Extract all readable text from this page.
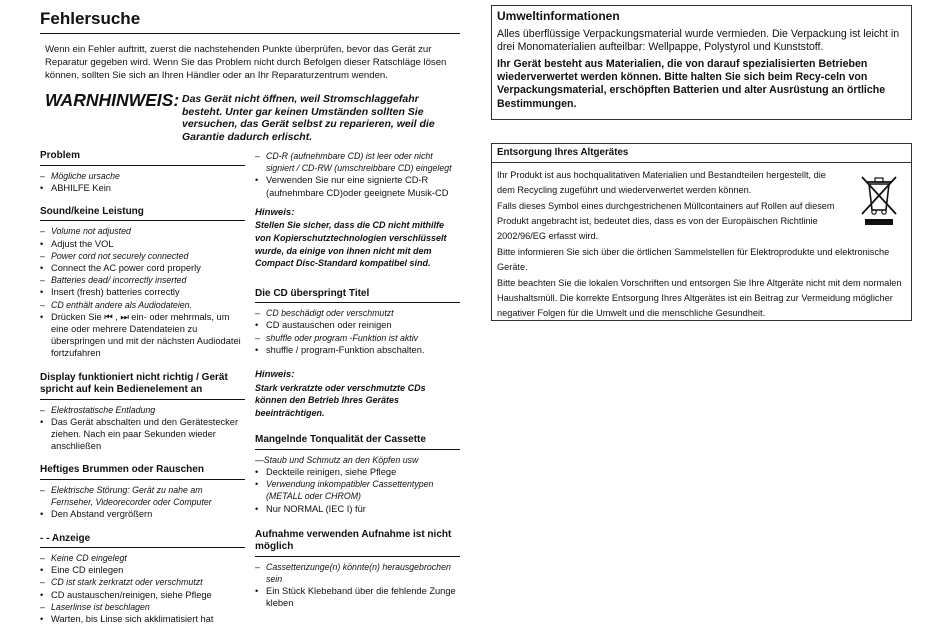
Fehlersuche
Wenn ein Fehler auftritt, zuerst die nachstehenden Punkte überprüfen, bevor das Gerät zur Reparatur gegeben wird. Wenn Sie das Problem nicht durch Befolgen dieser Ratschläge lösen können, sollten Sie sich an Ihren Händler oder an Ihr Reparaturzentrum wenden.
WARNHINWEIS: Das Gerät nicht öffnen, weil Stromschlaggefahr besteht. Unter gar keinen Umständen sollten Sie versuchen, das Gerät selbst zu reparieren, weil die Garantie dadurch erlischt.
Problem
– Mögliche ursache
• ABHILFE Kein
Sound/keine Leistung
– Volume not adjusted
• Adjust the VOL
– Power cord not securely connected
• Connect the AC power cord properly
– Batteries dead/ incorrectly inserted
• Insert (fresh) batteries correctly
– CD enthält andere als Audiodateien.
• Drücken Sie ⏮ , ⏭ ein- oder mehrmals, um eine oder mehrere Datendateien zu überspringen und mit der nächsten Audiodatei fortzufahren
Display funktioniert nicht richtig / Gerät spricht auf kein Bedienelement an
– Elektrostatische Entladung
• Das Gerät abschalten und den Gerätestecker ziehen. Nach ein paar Sekunden wieder anschließen
Heftiges Brummen oder Rauschen
– Elektrische Störung: Gerät zu nahe am Fernseher, Videorecorder oder Computer
• Den Abstand vergrößern
- - Anzeige
– Keine CD eingelegt
• Eine CD einlegen
– CD ist stark zerkratzt oder verschmutzt
• CD austauschen/reinigen, siehe Pflege
– Laserlinse ist beschlagen
• Warten, bis Linse sich akklimatisiert hat
– CD-R (aufnehmbare CD) ist leer oder nicht signiert / CD-RW (umschreibbare CD) eingelegt
• Verwenden Sie nur eine signierte CD-R (aufnehmbare CD)oder geeignete Musik-CD
Hinweis:
Stellen Sie sicher, dass die CD nicht mithilfe von Kopierschutztechnologien verschlüsselt wurde, da einige von ihnen nicht mit dem Compact Disc-Standard kompatibel sind.
Die CD überspringt Titel
– CD beschädigt oder verschmutzt
• CD austauschen oder reinigen
– shuffle oder program -Funktion ist aktiv
• shuffle / program-Funktion abschalten.
Hinweis:
Stark verkratzte oder verschmutzte CDs können den Betrieb Ihres Gerätes beeinträchtigen.
Mangelnde Tonqualität der Cassette
—Staub und Schmutz an den Köpfen usw
• Deckteile reinigen, siehe Pflege
• Verwendung inkompatibler Cassettentypen (METALL oder CHROM)
• Nur NORMAL (IEC I) für
Aufnahme verwenden Aufnahme ist nicht möglich
– Cassettenzunge(n) könnte(n) herausgebrochen sein
• Ein Stück Klebeband über die fehlende Zunge kleben
Umweltinformationen
Alles überflüssige Verpackungsmaterial wurde vermieden. Die Verpackung ist leicht in drei Monomaterialien aufteilbar: Wellpappe, Polystyrol und Kunststoff.
Ihr Gerät besteht aus Materialien, die von darauf spezialisierten Betrieben wiederverwertet werden können. Bitte halten Sie sich beim Recy-celn von Verpackungsmaterial, erschöpften Batterien und alter Ausrüstung an örtliche Bestimmungen.
Entsorgung Ihres Altgerätes
Ihr Produkt ist aus hochqualitativen Materialien und Bestandteilen hergestellt, die dem Recycling zugeführt und wiederverwertet werden können.
Falls dieses Symbol eines durchgestrichenen Müllcontainers auf Rollen auf diesem Produkt angebracht ist, bedeutet dies, dass es von der Europäischen Richtlinie 2002/96/EG erfasst wird.
Bitte informieren Sie sich über die örtlichen Sammelstellen für Elektroprodukte und elektronische Geräte.
Bitte beachten Sie die lokalen Vorschriften und entsorgen Sie Ihre Altgeräte nicht mit dem normalen Haushaltsmüll. Die korrekte Entsorgung Ihres Altgerätes ist ein Beitrag zur Vermeidung möglicher negativer Folgen für die Umwelt und die menschliche Gesundheit.
